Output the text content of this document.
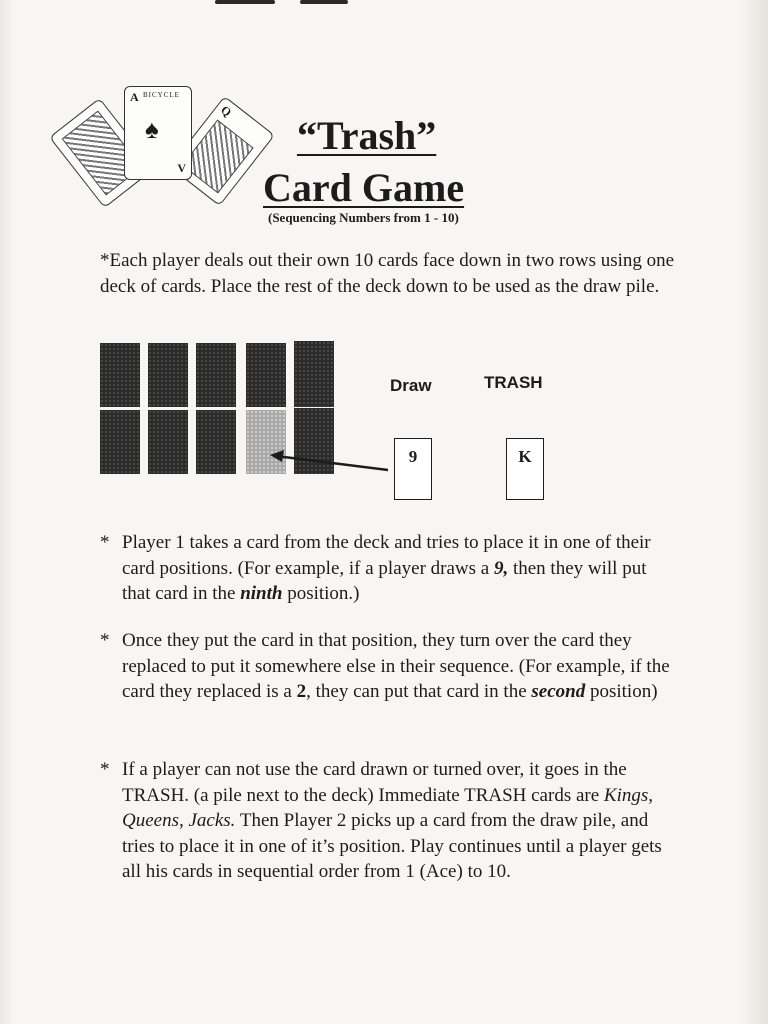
Q
A BICYCLE
♠
V
“Trash”
Card Game
(Sequencing Numbers from 1 - 10)
*Each player deals out their own 10 cards face down in two rows using one deck of cards. Place the rest of the deck down to be used as the draw pile.
Draw	TRASH
9	K
* Player 1 takes a card from the deck and tries to place it in one of their card positions. (For example, if a player draws a 9, then they will put that card in the ninth position.)
* Once they put the card in that position, they turn over the card they replaced to put it somewhere else in their sequence. (For example, if the card they replaced is a 2, they can put that card in the second position)
* If a player can not use the card drawn or turned over, it goes in the TRASH. (a pile next to the deck) Immediate TRASH cards are Kings, Queens, Jacks. Then Player 2 picks up a card from the draw pile, and tries to place it in one of it’s position. Play continues until a player gets all his cards in sequential order from 1 (Ace) to 10.
